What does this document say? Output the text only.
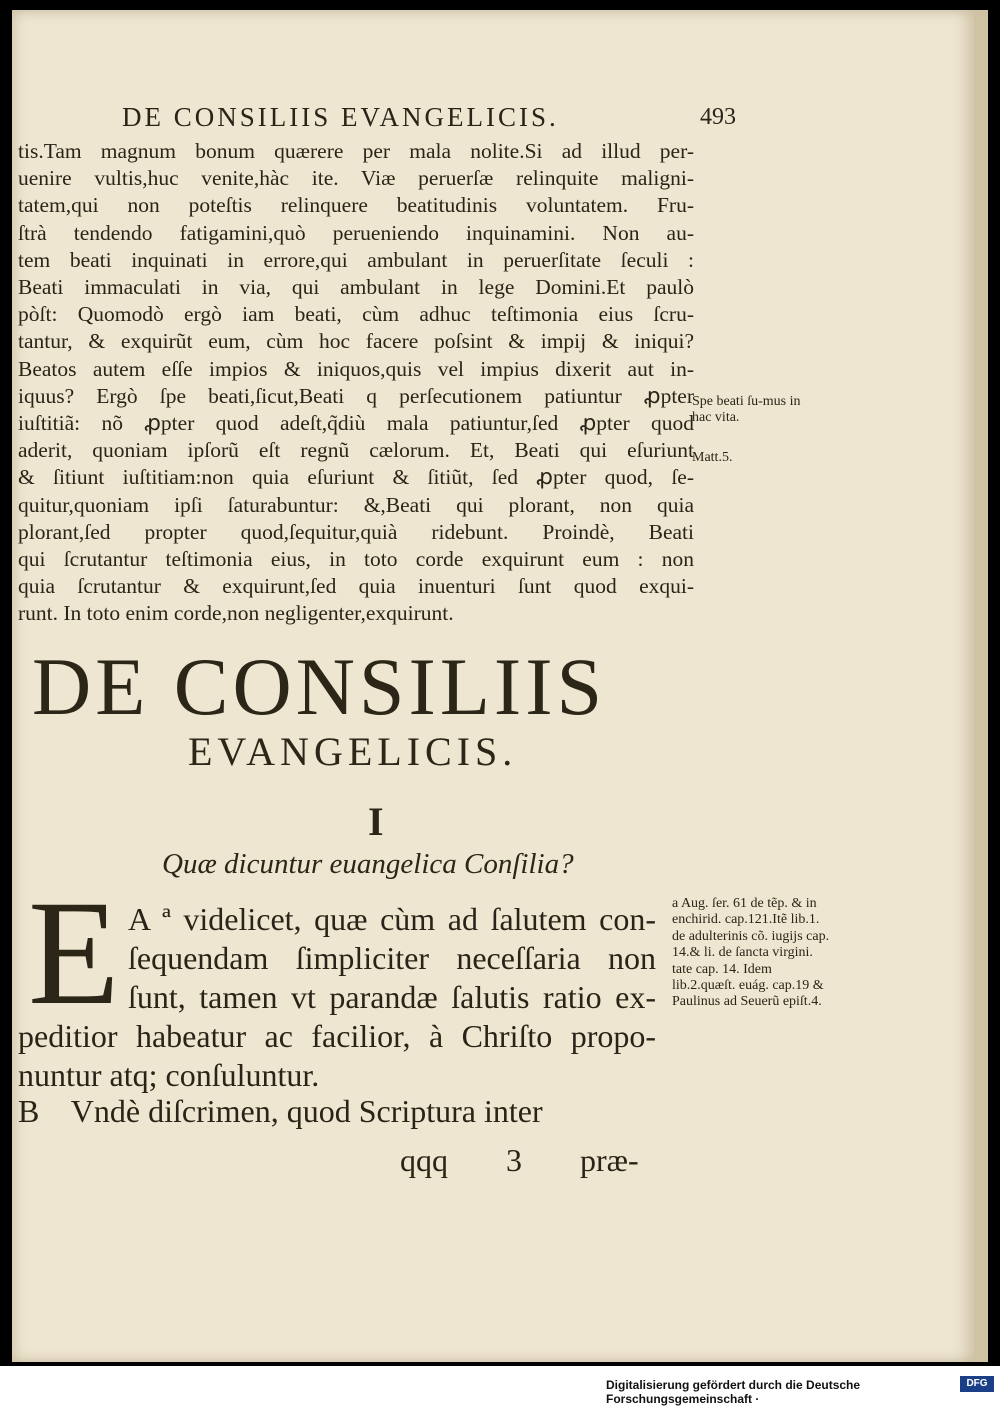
DE CONSILIIS EVANGELICIS.	493
tis.Tam magnum bonum quærere per mala nolite.Si ad illud per-
uenire vultis,huc venite,hàc ite. Viæ peruerſæ relinquite maligni-
tatem,qui non poteſtis relinquere beatitudinis voluntatem. Fru-
ſtrà tendendo fatigamini,quò perueniendo inquinamini. Non au-
tem beati inquinati in errore,qui ambulant in peruerſitate ſeculi :
Beati immaculati in via, qui ambulant in lege Domini.Et paulò
pòſt: Quomodò ergò iam beati, cùm adhuc teſtimonia eius ſcru-
tantur, & exquirũt eum, cùm hoc facere poſsint & impij & iniqui?
Beatos autem eſſe impios & iniquos,quis vel impius dixerit aut in-
iquus? Ergò ſpe beati,ſicut,Beati q perſecutionem patiuntur ꝓpter
iuſtitiã: nõ ꝓpter quod adeſt,q̃diù mala patiuntur,ſed ꝓpter quod
aderit, quoniam ipſorũ eſt regnũ cælorum. Et, Beati qui eſuriunt
& ſitiunt iuſtitiam:non quia eſuriunt & ſitiũt, ſed ꝓpter quod, ſe-
quitur,quoniam ipſi ſaturabuntur: &,Beati qui plorant, non quia
plorant,ſed propter quod,ſequitur,quià ridebunt. Proindè, Beati
qui ſcrutantur teſtimonia eius, in toto corde exquirunt eum : non
quia ſcrutantur & exquirunt,ſed quia inuenturi ſunt quod exqui-
runt. In toto enim corde,non negligenter,exquirunt.
Spe beati ſu-mus in hac vita.
Matt.5.
DE CONSILIIS
EVANGELICIS.
I
Quæ dicuntur euangelica Conſilia?
E A ª videlicet, quæ cùm ad ſalutem con-
ſequendam ſimpliciter neceſſaria non
ſunt, tamen vt parandæ ſalutis ratio ex-
peditior habeatur ac facilior, à Chriſto propo-
nuntur atq; conſuluntur.
B    Vndè diſcrimen, quod Scriptura inter
qqq 3 præ-
a Aug. ſer. 61 de tẽp. & in enchirid. cap.121.Itẽ lib.1. de adulterinis cõ. iugijs cap. 14.& li. de ſancta virgini. tate cap. 14. Idem lib.2.quæſt. euág. cap.19 & Paulinus ad Seuerũ epiſt.4.
Digitalisierung gefördert durch die Deutsche Forschungsgemeinschaft ·
DFG
